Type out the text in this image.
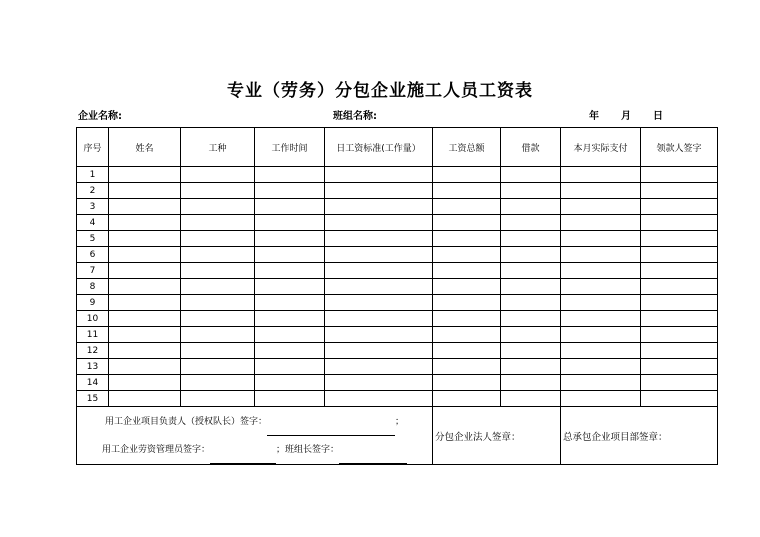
专业（劳务）分包企业施工人员工资表
企业名称:	班组名称:	年 月 日
序号	姓名	工种	工作时间	日工资标准(工作量）	工资总额	借款	本月实际支付	领款人签字
1								
2								
3								
4								
5								
6								
7								
8								
9								
10								
11								
12								
13								
14								
15								

用工企业项目负责人（授权队长）签字： ；
用工企业劳资管理员签字： ；班组长签字：					分包企业法人签章：		总承包企业项目部签章：	
